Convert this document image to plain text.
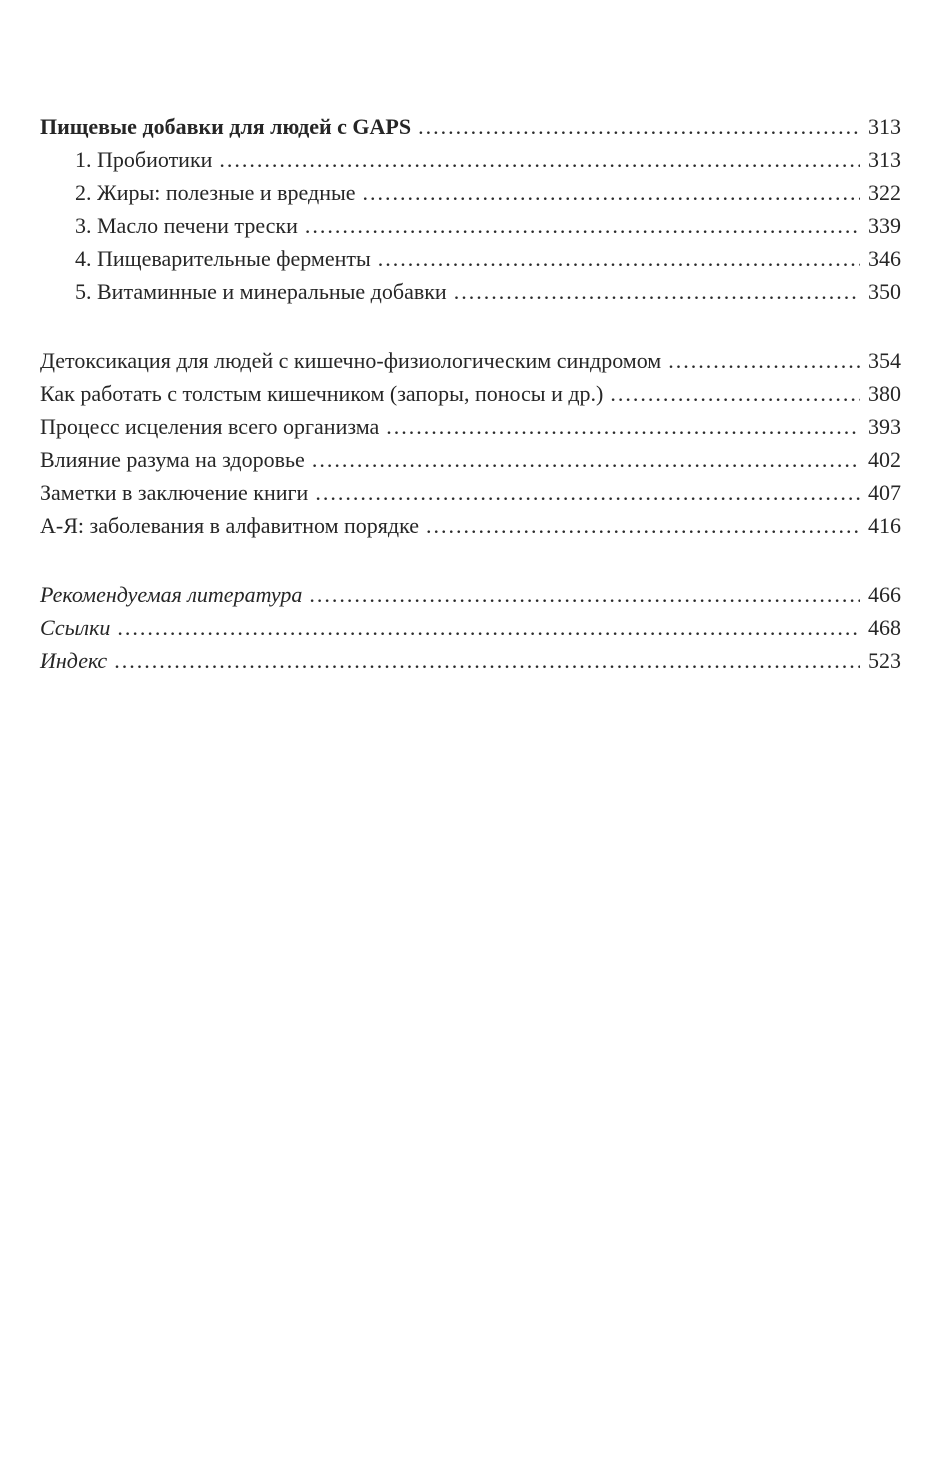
Пищевые добавки для людей с GAPS .....	313
1. Пробиотики .....	313
2. Жиры: полезные и вредные .....	322
3. Масло печени трески .....	339
4. Пищеварительные ферменты .....	346
5. Витаминные и минеральные добавки .....	350
Детоксикация для людей с кишечно-физиологическим синдромом .....	354
Как работать с толстым кишечником (запоры, поносы и др.) .....	380
Процесс исцеления всего организма .....	393
Влияние разума на здоровье .....	402
Заметки в заключение книги .....	407
А-Я: заболевания в алфавитном порядке .....	416
Рекомендуемая литература .....	466
Ссылки .....	468
Индекс .....	523
